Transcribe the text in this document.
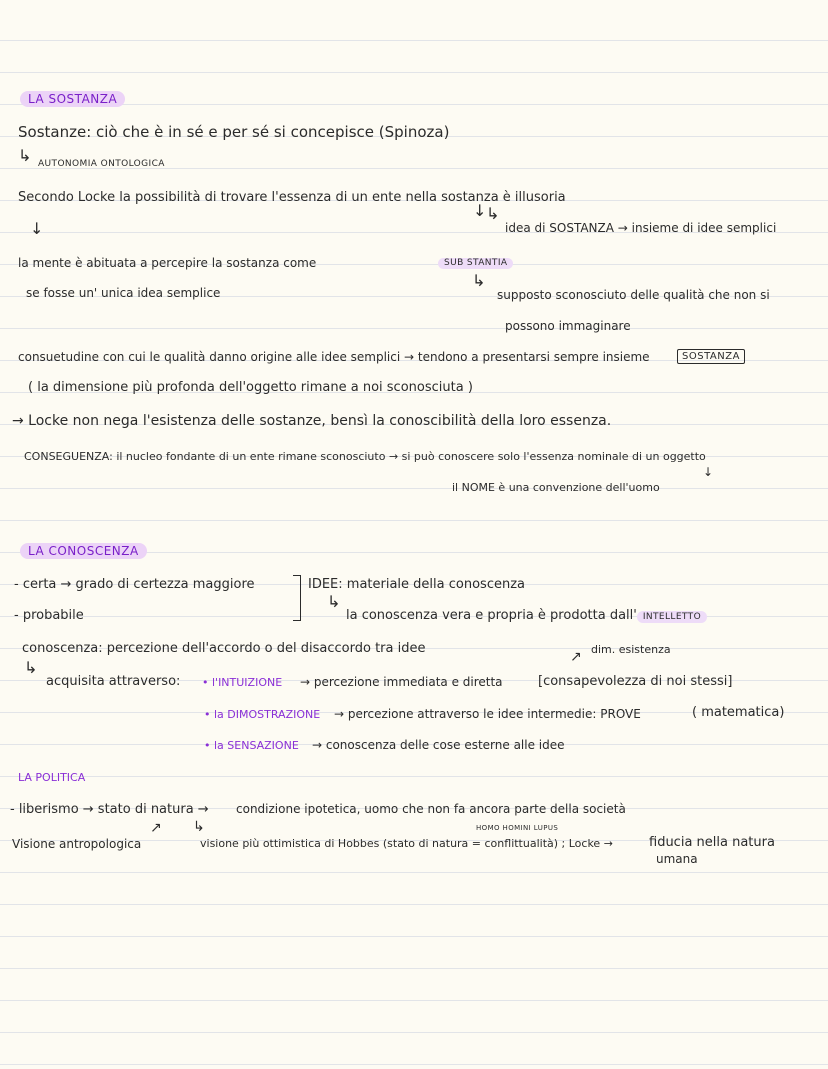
LA SOSTANZA
Sostanze: ciò che è in sé e per sé si concepisce (Spinoza)
↳ AUTONOMIA ONTOLOGICA
Secondo Locke la possibilità di trovare l'essenza di un ente nella sostanza è illusoria
↓
↓ ↳
idea di SOSTANZA → insieme di idee semplici
la mente è abituata a percepire la sostanza come
se fosse un' unica idea semplice
SUB STANTIA
↳
supposto sconosciuto delle qualità che non si
possono immaginare
consuetudine con cui le qualità danno origine alle idee semplici → tendono a presentarsi sempre insieme	SOSTANZA
( la dimensione più profonda dell'oggetto rimane a noi sconosciuta )
→ Locke non nega l'esistenza delle sostanze, bensì la conoscibilità della loro essenza.
CONSEGUENZA: il nucleo fondante di un ente rimane sconosciuto → si può conoscere solo l'essenza nominale di un oggetto
↓
il NOME è una convenzione dell'uomo
LA CONOSCENZA
- certa → grado di certezza maggiore
- probabile
IDEE: materiale della conoscenza
↳
la conoscenza vera e propria è prodotta dall' INTELLETTO
conoscenza: percezione dell'accordo o del disaccordo tra idee
↗ dim. esistenza
↳
acquisita attraverso: • l'INTUIZIONE → percezione immediata e diretta	[consapevolezza di noi stessi]
• la DIMOSTRAZIONE → percezione attraverso le idee intermedie: PROVE	( matematica)
• la SENSAZIONE → conoscenza delle cose esterne alle idee
LA POLITICA
- liberismo → stato di natura → condizione ipotetica, uomo che non fa ancora parte della società
↗
Visione antropologica
↳	HOMO HOMINI LUPUS
visione più ottimistica di Hobbes (stato di natura = conflittualità) ; Locke →	fiducia nella natura
umana
